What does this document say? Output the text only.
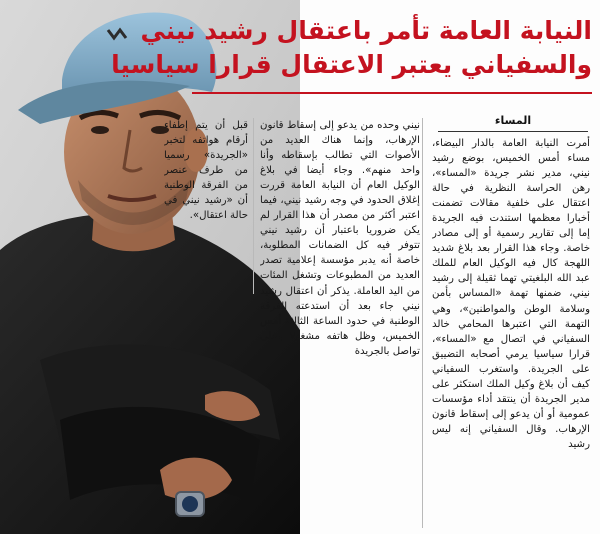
النيابة العامة تأمر باعتقال رشيد نيني
والسفياني يعتبر الاعتقال قرارا سياسيا
المساء

أمرت النيابة العامة بالدار البيضاء، مساء أمس الخميس، بوضع رشيد نيني، مدير نشر جريدة «المساء»، رهن الحراسة النظرية في حالة اعتقال على خلفية مقالات تضمنت أخبارا معظمها استندت فيه الجريدة إما إلى تقارير رسمية أو إلى مصادر خاصة. وجاء هذا القرار بعد بلاغ شديد اللهجة كال فيه الوكيل العام للملك عبد الله البلغيتي تهما ثقيلة إلى رشيد نيني، ضمنها تهمة «المساس بأمن وسلامة الوطن والمواطنين»، وهي التهمة التي اعتبرها المحامي خالد السفياني في اتصال مع «المساء»، قرارا سياسيا يرمي أصحابه التضييق على الجريدة. واستغرب السفياني كيف أن بلاغ وكيل الملك استكثر على مدير الجريدة أن ينتقد أداء مؤسسات عمومية أو أن يدعو إلى إسقاط قانون الإرهاب. وقال السفياني إنه ليس رشيد

نيني وحده من يدعو إلى إسقاط قانون الإرهاب، وإنما هناك العديد من الأصوات التي تطالب بإسقاطه وأنا واحد منهم». وجاء أيضا في بلاغ الوكيل العام أن النيابة العامة قررت إغلاق الحدود في وجه رشيد نيني، فيما اعتبر أكثر من مصدر أن هذا القرار لم يكن ضروريا باعتبار أن رشيد نيني تتوفر فيه كل الضمانات المطلوبة، خاصة أنه يدبر مؤسسة إعلامية تصدر العديد من المطبوعات وتشغل المئات من اليد العاملة. يذكر أن اعتقال رشيد نيني جاء بعد أن استدعته الفرقة الوطنية في حدود الساعة الثالثة أمس الخميس، وظل هاتفه مشغولا وعلى تواصل بالجريدة

قبل أن يتم إطفاء أرقام هواتفه لتخبر «الجريدة» رسميا من طرف عنصر من الفرقة الوطنية أن «رشيد نيني في حالة اعتقال».
